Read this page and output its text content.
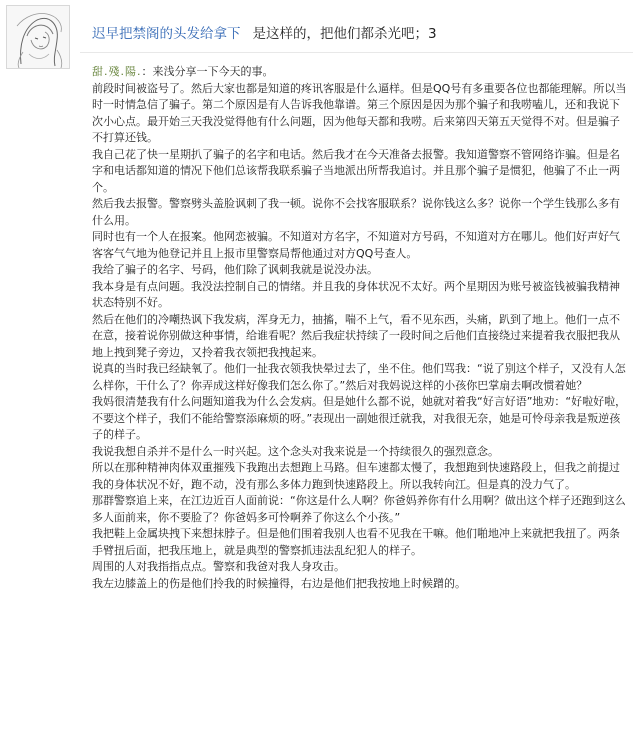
迟早把禁阁的头发给拿下 是这样的，把他们都杀光吧；3
甜.殘.陽.：来浅分享一下今天的事。

前段时间被盗号了。然后大家也都是知道的疼讯客服是什么逼样。但是QQ号有多重要各位也都能理解。所以当时一时情急信了骗子。第二个原因是有人告诉我他靠谱。第三个原因是因为那个骗子和我唠嗑儿，还和我说下次小心点。最开始三天我没觉得他有什么问题，因为他每天都和我唠。后来第四天第五天觉得不对。但是骗子不打算还钱。

我自己花了快一星期扒了骗子的名字和电话。然后我才在今天准备去报警。我知道警察不管网络诈骗。但是名字和电话都知道的情况下他们总该帮我联系骗子当地派出所帮我追讨。并且那个骗子是惯犯，他骗了不止一两个。

然后我去报警。警察劈头盖脸讽刺了我一顿。说你不会找客服联系？说你钱这么多？说你一个学生钱那么多有什么用。

同时也有一个人在报案。他网恋被骗。不知道对方名字，不知道对方号码，不知道对方在哪儿。他们好声好气客客气气地为他登记并且上报市里警察局帮他通过对方QQ号查人。

我给了骗子的名字、号码，他们除了讽刺我就是说没办法。

我本身是有点问题。我没法控制自己的情绪。并且我的身体状况不太好。两个星期因为账号被盗钱被骗我精神状态特别不好。

然后在他们的冷嘲热讽下我发病，浑身无力，抽搐，喘不上气，看不见东西，头痛，趴到了地上。他们一点不在意，接着说你别做这种事情，给谁看呢？然后我症状持续了一段时间之后他们直接绕过来提着我衣服把我从地上拽到凳子旁边，又拎着我衣领把我拽起来。

说真的当时我已经缺氧了。他们一扯我衣领我快晕过去了，坐不住。他们骂我：“说了别这个样子，又没有人怎么样你，干什么了？你弄成这样好像我们怎么你了。”然后对我妈说这样的小孩你巴掌扇去啊改惯着她？

我妈很清楚我有什么问题知道我为什么会发病。但是她什么都不说，她就对着我“好言好语”地劝：“好啦好啦，不要这个样子，我们不能给警察添麻烦的呀。”表现出一副她很迁就我，对我很无奈，她是可怜母亲我是叛逆孩子的样子。

我说我想自杀并不是什么一时兴起。这个念头对我来说是一个持续很久的强烈意念。

所以在那种精神肉体双重摧残下我跑出去想跑上马路。但车速都太慢了，我想跑到快速路段上，但我之前提过我的身体状况不好，跑不动，没有那么多体力跑到快速路段上。所以我转向江。但是真的没力气了。

那群警察追上来，在江边近百人面前说：“你这是什么人啊？你爸妈养你有什么用啊？做出这个样子还跑到这么多人面前来，你不要脸了？你爸妈多可怜啊养了你这么个小孩。”

我把鞋上金属块拽下来想抹脖子。但是他们围着我别人也看不见我在干嘛。他们啪地冲上来就把我扭了。两条手臂扭后面，把我压地上，就是典型的警察抓违法乱纪犯人的样子。

周围的人对我指指点点。警察和我爸对我人身攻击。

我左边膝盖上的伤是他们拎我的时候撞得，右边是他们把我按地上时候蹭的。
